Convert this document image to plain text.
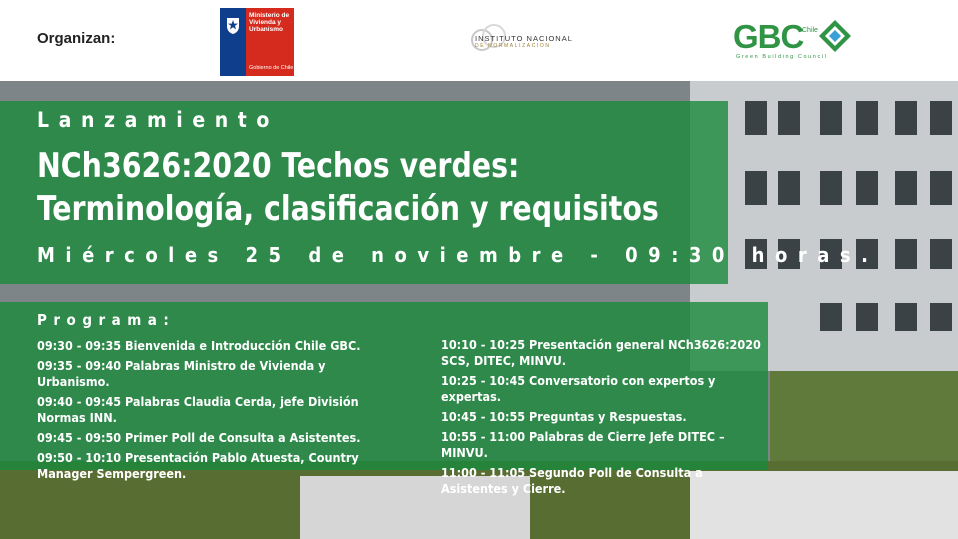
Organizan:
Ministerio de
Vivienda y
Urbanismo
Gobierno de Chile
INSTITUTO NACIONAL
DE NORMALIZACION	GBC
Chile
Green Building Council
Lanzamiento
NCh3626:2020 Techos verdes:
Terminología, clasificación y requisitos
Miércoles 25 de noviembre - 09:30 horas.
Programa:
09:30 - 09:35 Bienvenida e Introducción Chile GBC.
09:35 - 09:40 Palabras Ministro de Vivienda y Urbanismo.
09:40 - 09:45 Palabras Claudia Cerda, jefe División Normas INN.
09:45 - 09:50 Primer Poll de Consulta a Asistentes.
09:50 - 10:10 Presentación Pablo Atuesta, Country Manager Sempergreen.
10:10 - 10:25 Presentación general NCh3626:2020 SCS, DITEC, MINVU.
10:25 - 10:45 Conversatorio con expertos y expertas.
10:45 - 10:55 Preguntas y Respuestas.
10:55 - 11:00 Palabras de Cierre Jefe DITEC – MINVU.
11:00 - 11:05 Segundo Poll de Consulta a Asistentes y Cierre.
